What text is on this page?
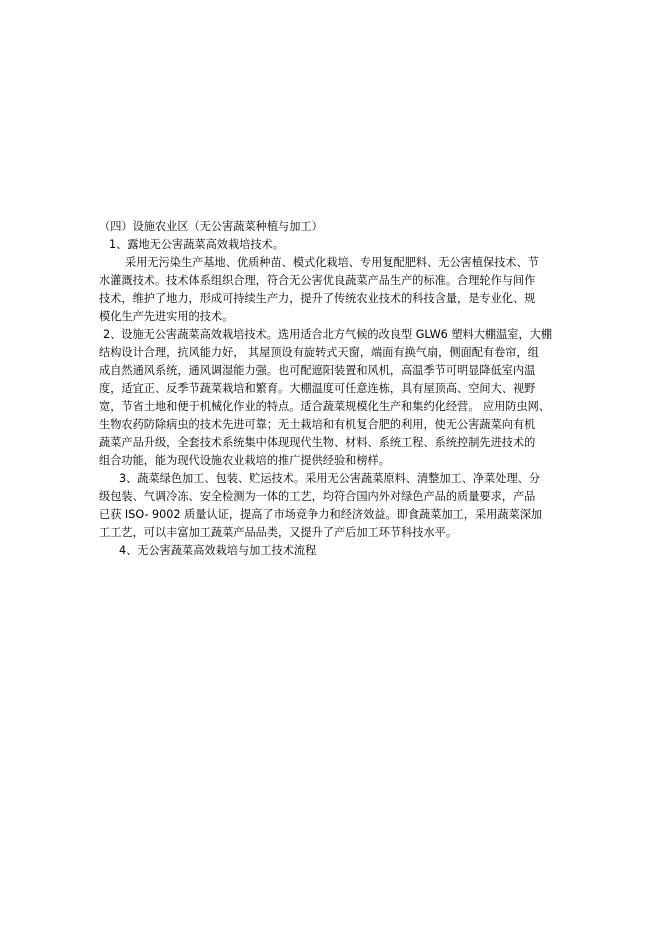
（四）设施农业区（无公害蔬菜种植与加工）
1、露地无公害蔬菜高效栽培技术。
采用无污染生产基地、优质种苗、模式化栽培、专用复配肥料、无公害植保技术、节
水灌溉技术。技术体系组织合理，符合无公害优良蔬菜产品生产的标准。合理轮作与间作
技术，维护了地力，形成可持续生产力，提升了传统农业技术的科技含量，是专业化、规
模化生产先进实用的技术。
2、设施无公害蔬菜高效栽培技术。选用适合北方气候的改良型 GLW6 塑料大棚温室，大棚
结构设计合理，抗风能力好， 其屋顶设有旋转式天窗，端面有换气扇，侧面配有卷帘，组
成自然通风系统，通风调湿能力强。也可配遮阳装置和风机，高温季节可明显降低室内温
度，适宜正、反季节蔬菜栽培和繁育。大棚温度可任意连栋，具有屋顶高、空间大、视野
宽，节省土地和便于机械化作业的特点。适合蔬菜规模化生产和集约化经营。 应用防虫网、
生物农药防除病虫的技术先进可靠；无土栽培和有机复合肥的利用，使无公害蔬菜向有机
蔬菜产品升级，全套技术系统集中体现现代生物、材料、系统工程、系统控制先进技术的
组合功能，能为现代设施农业栽培的推广提供经验和榜样。
3、蔬菜绿色加工、包装、贮运技术。采用无公害蔬菜原料、清整加工、净菜处理、分
级包装、气调冷冻、安全检测为一体的工艺，均符合国内外对绿色产品的质量要求，产品
已获 ISO- 9002 质量认证，提高了市场竞争力和经济效益。即食蔬菜加工，采用蔬菜深加
工工艺，可以丰富加工蔬菜产品品类，又提升了产后加工环节科技水平。
4、无公害蔬菜高效栽培与加工技术流程
